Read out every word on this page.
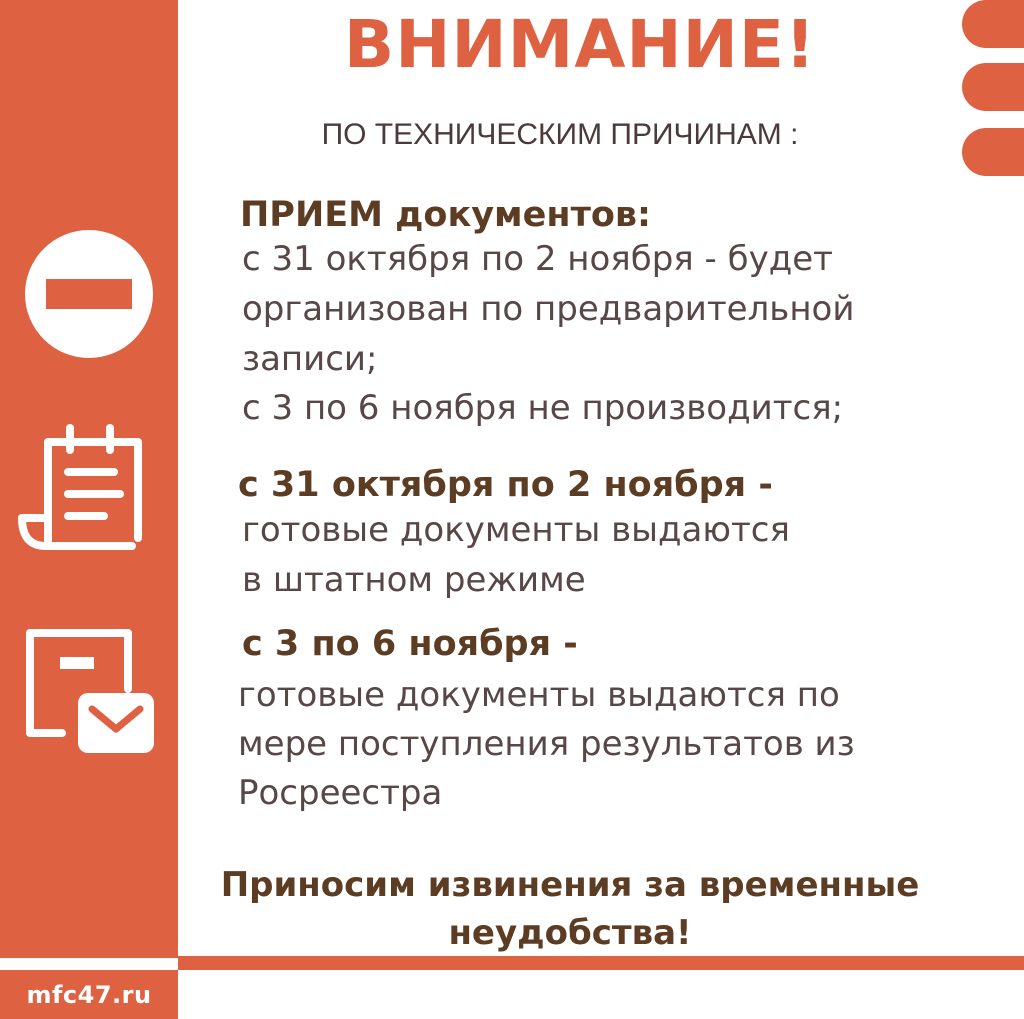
ВНИМАНИЕ!
ПО ТЕХНИЧЕСКИМ ПРИЧИНАМ :
ПРИЕМ документов:
с 31 октября по 2 ноября - будет
организован по предварительной
записи;
с 3 по 6 ноября не производится;
с 31 октября по 2 ноября -
готовые документы выдаются
в штатном режиме
с 3 по 6 ноября -
готовые документы выдаются по
мере поступления результатов из
Росреестра
Приносим извинения за временные
неудобства!
mfc47.ru
